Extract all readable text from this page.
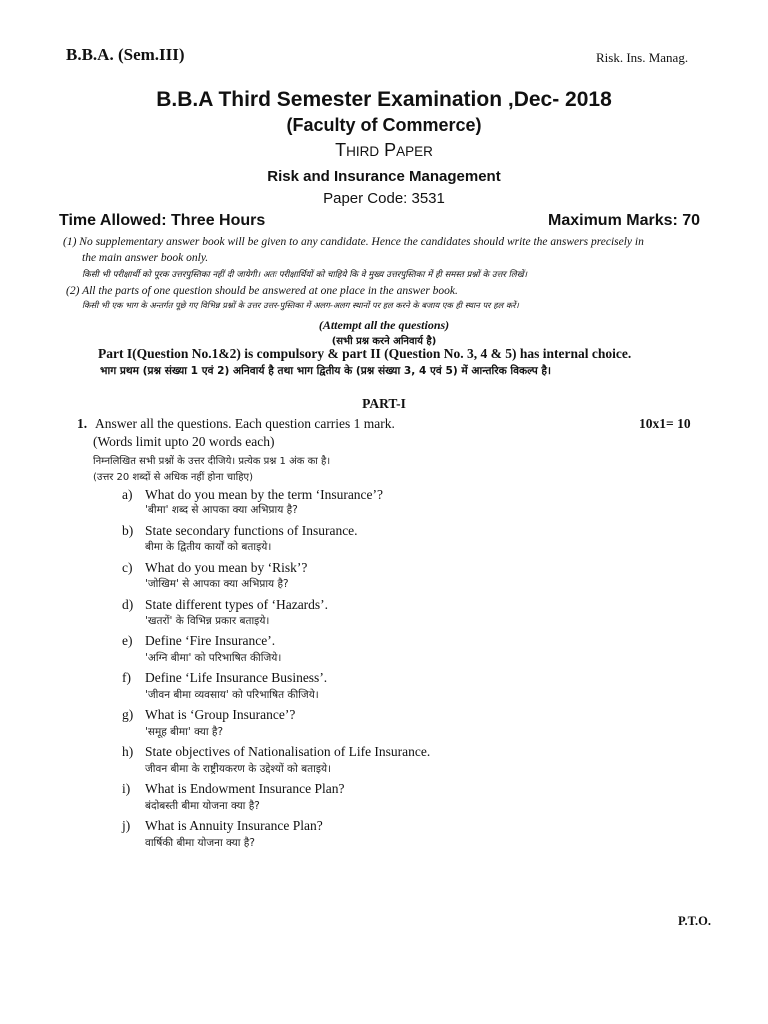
B.B.A. (Sem.III)	Risk. Ins. Manag.
B.B.A Third Semester Examination ,Dec- 2018
(Faculty of Commerce)
THIRD PAPER
Risk and Insurance Management
Paper Code: 3531
Time Allowed: Three Hours	Maximum Marks: 70
(1) No supplementary answer book will be given to any candidate. Hence the candidates should write the answers precisely in
the main answer book only.
किसी भी परीक्षार्थी को पूरक उत्तरपुस्तिका नहीं दी जायेगी। अतः परीक्षार्थियों को चाहिये कि वे मुख्य उत्तरपुस्तिका में ही समस्त प्रश्नों के उत्तर लिखें।
(2) All the parts of one question should be answered at one place in the answer book.
किसी भी एक भाग के अन्तर्गत पूछे गए विभिन्न प्रश्नों के उत्तर उत्तर-पुस्तिका में अलग-अलग स्थानों पर हल करने के बजाय एक ही स्थान पर हल करें।
(Attempt all the questions)
(सभी प्रश्न करने अनिवार्य है)
Part I(Question No.1&2) is compulsory & part II (Question No. 3, 4 & 5) has internal choice.
भाग प्रथम (प्रश्न संख्या 1 एवं 2) अनिवार्य है तथा भाग द्वितीय के (प्रश्न संख्या 3, 4 एवं 5) में आन्तरिक विकल्प है।
PART-I
1. Answer all the questions. Each question carries 1 mark.	10x1= 10
(Words limit upto 20 words each)
निम्नलिखित सभी प्रश्नों के उत्तर दीजिये। प्रत्येक प्रश्न 1 अंक का है।
(उत्तर 20 शब्दों से अधिक नहीं होना चाहिए)
a) What do you mean by the term ‘Insurance’?
'बीमा' शब्द से आपका क्या अभिप्राय है?
b) State secondary functions of Insurance.
बीमा के द्वितीय कार्यों को बताइये।
c) What do you mean by ‘Risk’?
'जोखिम' से आपका क्या अभिप्राय है?
d) State different types of ‘Hazards’.
'खतरों' के विभिन्न प्रकार बताइये।
e) Define ‘Fire Insurance’.
'अग्नि बीमा' को परिभाषित कीजिये।
f) Define ‘Life Insurance Business’.
'जीवन बीमा व्यवसाय' को परिभाषित कीजिये।
g) What is ‘Group Insurance’?
'समूह बीमा' क्या है?
h) State objectives of Nationalisation of Life Insurance.
जीवन बीमा के राष्ट्रीयकरण के उद्देश्यों को बताइये।
i) What is Endowment Insurance Plan?
बंदोबस्ती बीमा योजना क्या है?
j) What is Annuity Insurance Plan?
वार्षिकी बीमा योजना क्या है?
P.T.O.
